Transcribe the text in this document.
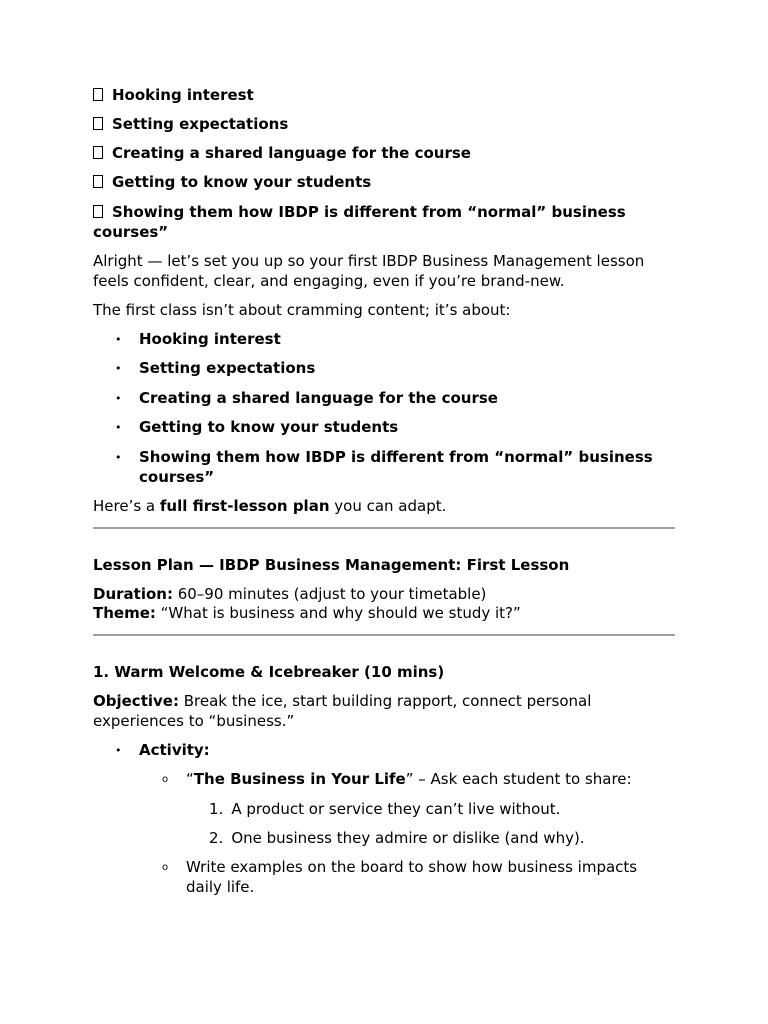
Hooking interest
Setting expectations
Creating a shared language for the course
Getting to know your students
Showing them how IBDP is different from “normal” business courses”
Alright — let’s set you up so your first IBDP Business Management lesson feels confident, clear, and engaging, even if you’re brand-new.
The first class isn’t about cramming content; it’s about:
• Hooking interest
• Setting expectations
• Creating a shared language for the course
• Getting to know your students
• Showing them how IBDP is different from “normal” business courses”
Here’s a full first-lesson plan you can adapt.
Lesson Plan — IBDP Business Management: First Lesson
Duration: 60–90 minutes (adjust to your timetable)
Theme: “What is business and why should we study it?”
1. Warm Welcome & Icebreaker (10 mins)
Objective: Break the ice, start building rapport, connect personal experiences to “business.”
• Activity:
o “The Business in Your Life” – Ask each student to share:
1. A product or service they can’t live without.
2. One business they admire or dislike (and why).
o Write examples on the board to show how business impacts daily life.
